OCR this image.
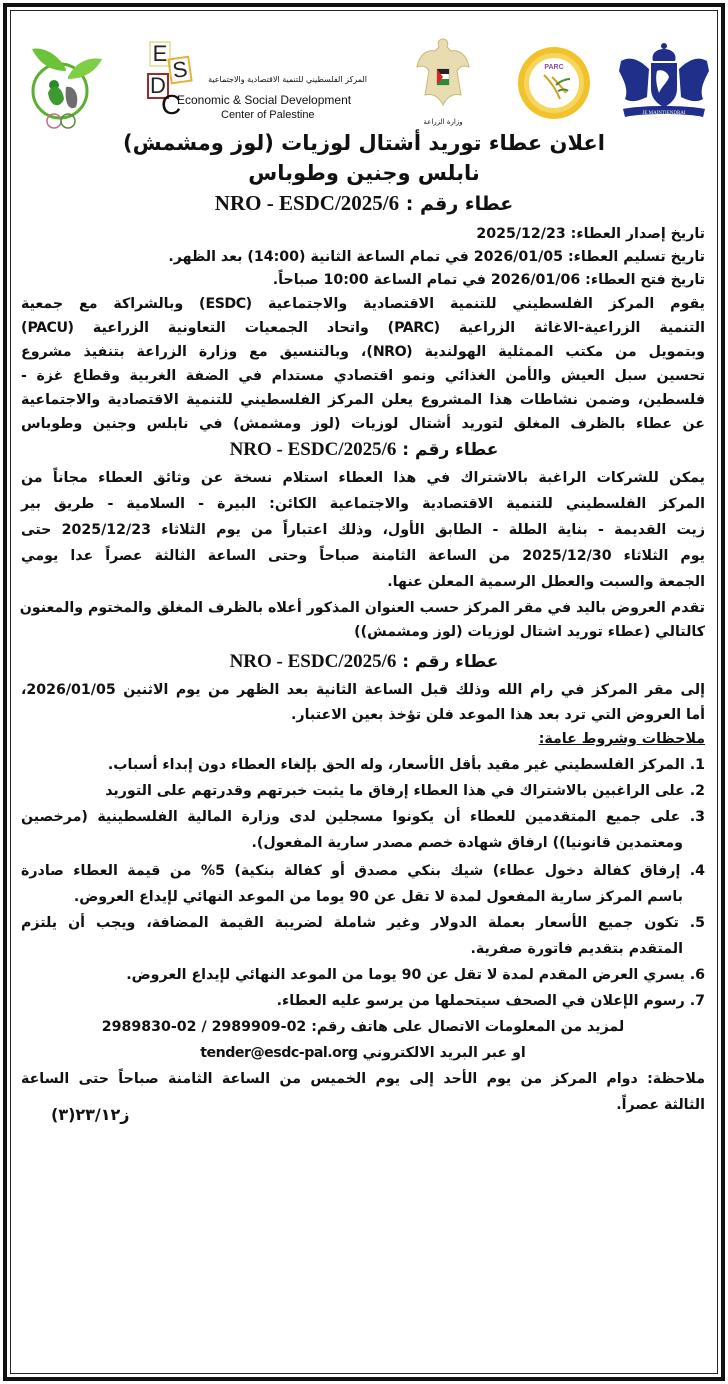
E
S
D
C
المركز الفلسطيني للتنمية الاقتصادية والاجتماعية
Economic & Social Development
Center of Palestine
وزارة الزراعة
PARC
JE MAINTIENDRAI
اعلان عطاء توريد أشتال لوزيات (لوز ومشمش)
نابلس وجنين وطوباس
عطاء رقم : 6/NRO - ESDC/2025
تاريخ إصدار العطاء: 2025/12/23
تاريخ تسليم العطاء: 2026/01/05 في تمام الساعة الثانية (14:00) بعد الظهر.
تاريخ فتح العطاء: 2026/01/06 في تمام الساعة 10:00 صباحاً.
يقوم المركز الفلسطيني للتنمية الاقتصادية والاجتماعية (ESDC) وبالشراكة مع جمعية
التنمية الزراعية-الاغاثة الزراعية (PARC) واتحاد الجمعيات التعاونية الزراعية (PACU)
وبتمويل من مكتب الممثلية الهولندية (NRO)، وبالتنسيق مع وزارة الزراعة بتنفيذ مشروع
تحسين سبل العيش والأمن الغذائي ونمو اقتصادي مستدام في الضفة الغربية وقطاع غزة -
فلسطين، وضمن نشاطات هذا المشروع يعلن المركز الفلسطيني للتنمية الاقتصادية والاجتماعية
عن عطاء بالظرف المغلق لتوريد أشتال لوزيات (لوز ومشمش) في نابلس وجنين وطوباس
عطاء رقم : 6/NRO - ESDC/2025
يمكن للشركات الراغبة بالاشتراك في هذا العطاء استلام نسخة عن وثائق العطاء مجاناً من
المركز الفلسطيني للتنمية الاقتصادية والاجتماعية الكائن: البيرة - السلامية - طريق بير
زيت القديمة - بناية الطلة - الطابق الأول، وذلك اعتباراً من يوم الثلاثاء 2025/12/23 حتى
يوم الثلاثاء 2025/12/30 من الساعة الثامنة صباحاً وحتى الساعة الثالثة عصراً عدا يومي
الجمعة والسبت والعطل الرسمية المعلن عنها.
تقدم العروض باليد في مقر المركز حسب العنوان المذكور أعلاه بالظرف المغلق والمختوم والمعنون
كالتالي (عطاء توريد اشتال لوزيات (لوز ومشمش))
عطاء رقم : 6/NRO - ESDC/2025
إلى مقر المركز في رام الله وذلك قبل الساعة الثانية بعد الظهر من يوم الاثنين 2026/01/05،
أما العروض التي ترد بعد هذا الموعد فلن تؤخذ بعين الاعتبار.
ملاحظات وشروط عامة:
1. المركز الفلسطيني غير مقيد بأقل الأسعار، وله الحق بإلغاء العطاء دون إبداء أسباب.
2. على الراغبين بالاشتراك في هذا العطاء إرفاق ما يثبت خبرتهم وقدرتهم على التوريد
3. على جميع المتقدمين للعطاء أن يكونوا مسجلين لدى وزارة المالية الفلسطينية (مرخصين
ومعتمدين قانونيا)) ارفاق شهادة خصم مصدر سارية المفعول).
4. إرفاق كفالة دخول عطاء) شيك بنكي مصدق أو كفالة بنكية) 5% من قيمة العطاء صادرة
باسم المركز سارية المفعول لمدة لا تقل عن 90 يوما من الموعد النهائي لإيداع العروض.
5. تكون جميع الأسعار بعملة الدولار وغير شاملة لضريبة القيمة المضافة، ويجب أن يلتزم
المتقدم بتقديم فاتورة صفرية.
6. يسري العرض المقدم لمدة لا تقل عن 90 يوما من الموعد النهائي لإيداع العروض.
7. رسوم الإعلان في الصحف سيتحملها من يرسو عليه العطاء.
لمزيد من المعلومات الاتصال على هاتف رقم: 02-2989909 / 02-2989830
او عبر البريد الالكتروني tender@esdc-pal.org
ملاحظة: دوام المركز من يوم الأحد إلى يوم الخميس من الساعة الثامنة صباحاً حتى الساعة
الثالثة عصراً.
ز٢٣/١٢(٣)
